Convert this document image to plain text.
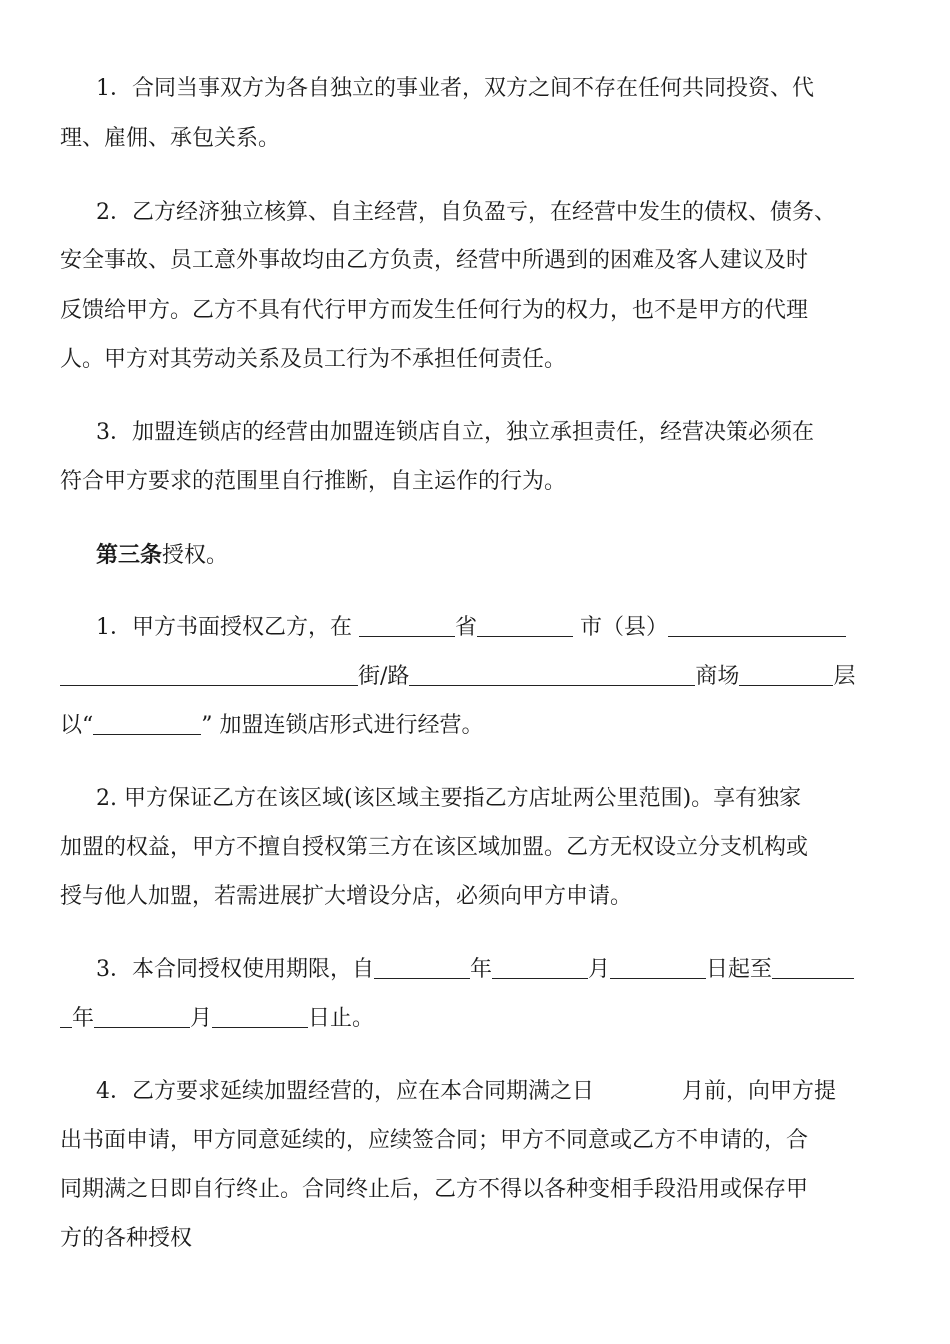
1．合同当事双方为各自独立的事业者，双方之间不存在任何共同投资、代
理、雇佣、承包关系。
2．乙方经济独立核算、自主经营，自负盈亏，在经营中发生的债权、债务、
安全事故、员工意外事故均由乙方负责，经营中所遇到的困难及客人建议及时
反馈给甲方。乙方不具有代行甲方而发生任何行为的权力，也不是甲方的代理
人。甲方对其劳动关系及员工行为不承担任何责任。
3．加盟连锁店的经营由加盟连锁店自立，独立承担责任，经营决策必须在
符合甲方要求的范围里自行推断，自主运作的行为。
第三条授权。
1．甲方书面授权乙方，在	省	市（县）
街/路	商场	层
以“	” 加盟连锁店形式进行经营。
2. 甲方保证乙方在该区域(该区域主要指乙方店址两公里范围)。享有独家
加盟的权益，甲方不擅自授权第三方在该区域加盟。乙方无权设立分支机构或
授与他人加盟，若需进展扩大增设分店，必须向甲方申请。
3．本合同授权使用期限，自	年	月	日起至
年	月	日止。
4．乙方要求延续加盟经营的，应在本合同期满之日	月前，向甲方提
出书面申请，甲方同意延续的，应续签合同；甲方不同意或乙方不申请的，合
同期满之日即自行终止。合同终止后，乙方不得以各种变相手段沿用或保存甲
方的各种授权
